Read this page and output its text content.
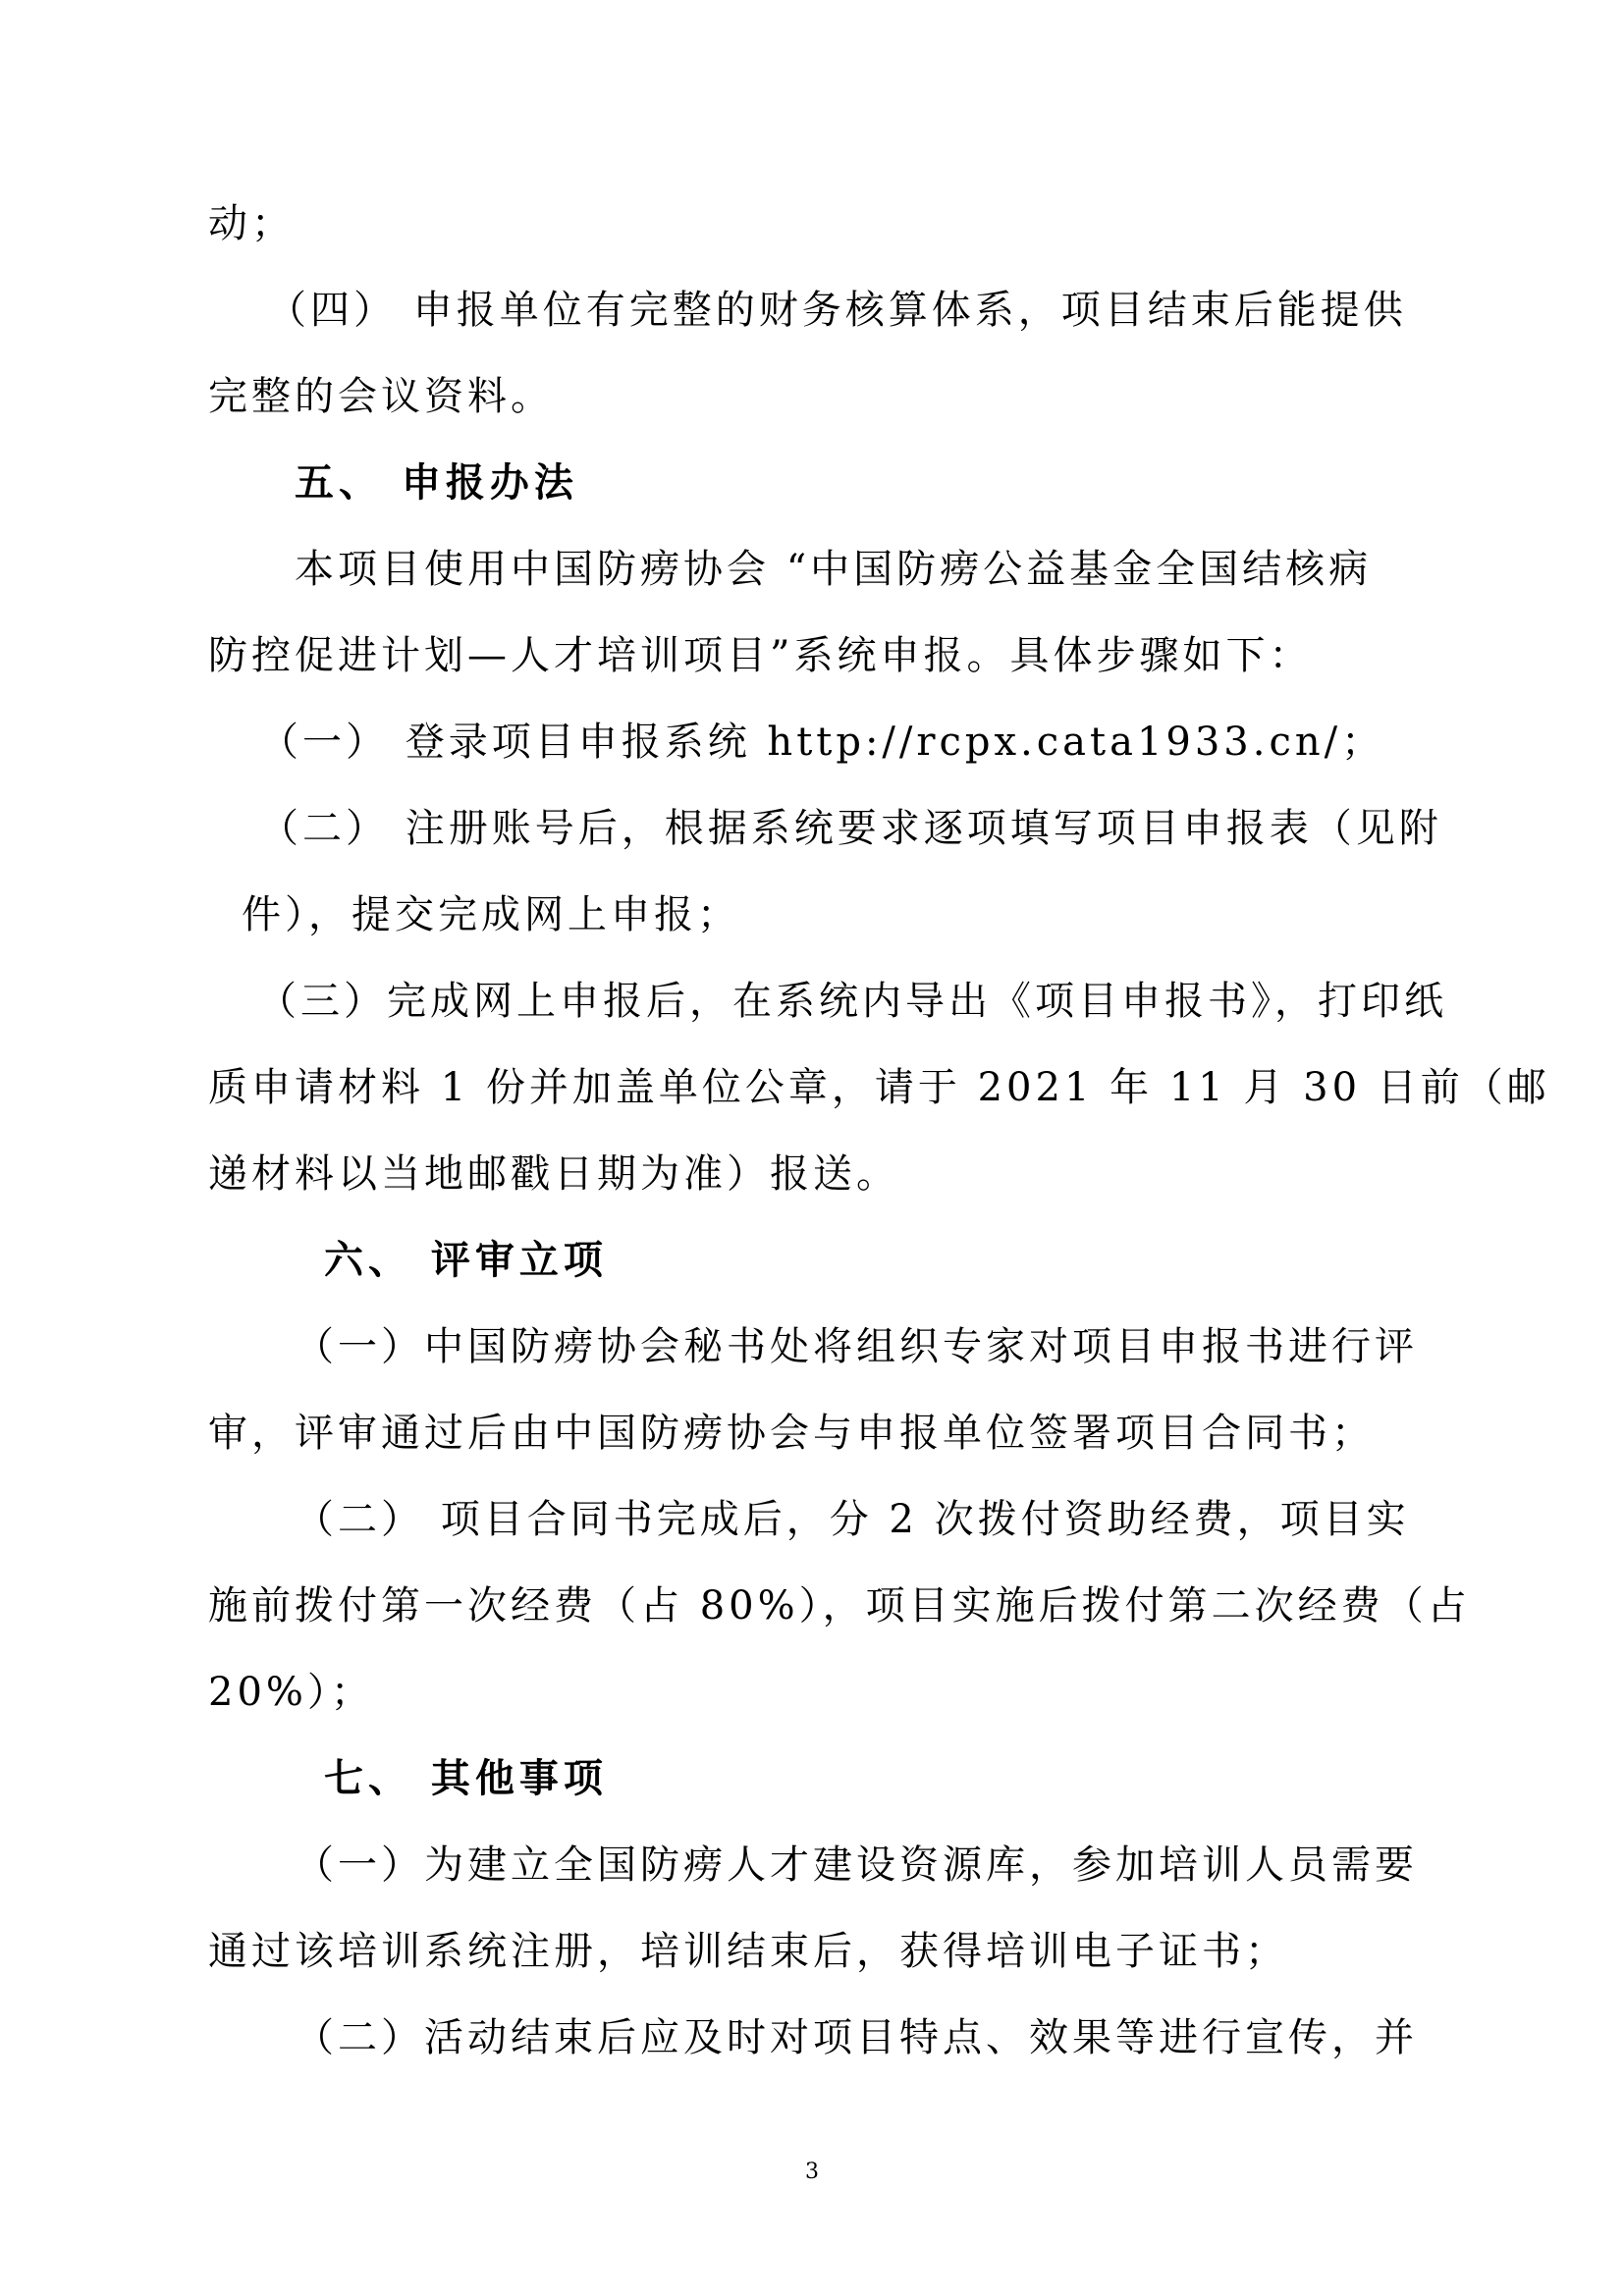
动；
（四） 申报单位有完整的财务核算体系，项目结束后能提供
完整的会议资料。
五、 申报办法
本项目使用中国防痨协会 “中国防痨公益基金全国结核病
防控促进计划—人才培训项目”系统申报。具体步骤如下：
（一） 登录项目申报系统 http://rcpx.cata1933.cn/；
（二） 注册账号后，根据系统要求逐项填写项目申报表（见附
件），提交完成网上申报；
（三）完成网上申报后，在系统内导出《项目申报书》，打印纸
质申请材料 1 份并加盖单位公章，请于 2021 年 11 月 30 日前（邮
递材料以当地邮戳日期为准）报送。
六、 评审立项
（一）中国防痨协会秘书处将组织专家对项目申报书进行评
审，评审通过后由中国防痨协会与申报单位签署项目合同书；
（二） 项目合同书完成后，分 2 次拨付资助经费，项目实
施前拨付第一次经费（占 80%），项目实施后拨付第二次经费（占
20%）；
七、 其他事项
（一）为建立全国防痨人才建设资源库，参加培训人员需要
通过该培训系统注册，培训结束后，获得培训电子证书；
（二）活动结束后应及时对项目特点、效果等进行宣传，并
3
